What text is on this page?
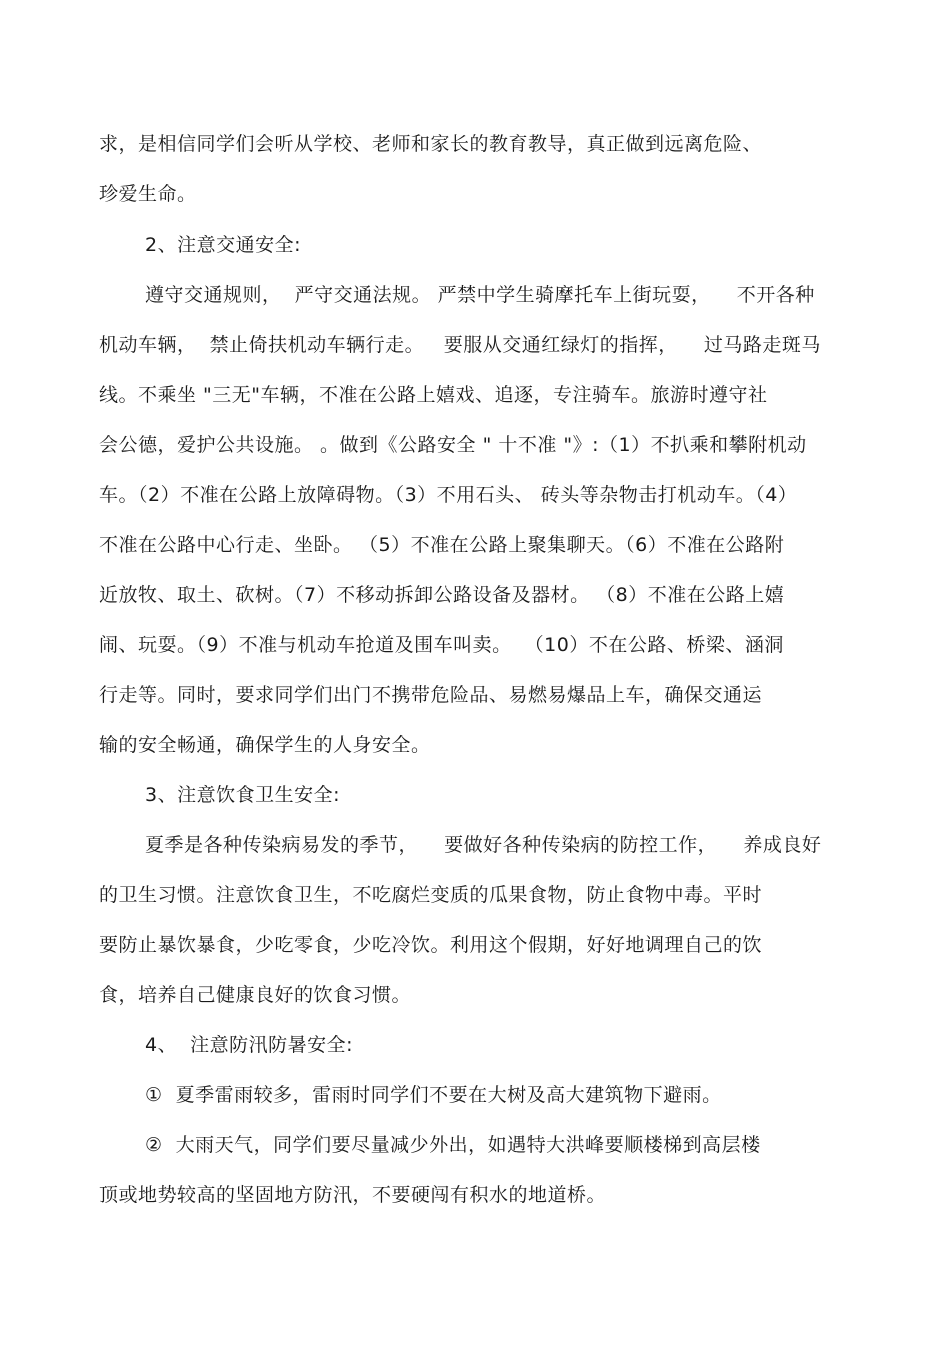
求，是相信同学们会听从学校、老师和家长的教育教导，真正做到远离危险、
珍爱生命。
2、注意交通安全:
遵守交通规则，  严守交通法规。 严禁中学生骑摩托车上街玩耍，    不开各种
机动车辆，  禁止倚扶机动车辆行走。   要服从交通红绿灯的指挥，    过马路走斑马
线。不乘坐 "三无"车辆，不准在公路上嬉戏、追逐，专注骑车。旅游时遵守社
会公德，爱护公共设施。 。做到《公路安全 " 十不准 "》:（1）不扒乘和攀附机动
车。（2）不准在公路上放障碍物。（3）不用石头、 砖头等杂物击打机动车。（4）
不准在公路中心行走、坐卧。 （5）不准在公路上聚集聊天。（6）不准在公路附
近放牧、取土、砍树。（7）不移动拆卸公路设备及器材。 （8）不准在公路上嬉
闹、玩耍。（9）不准与机动车抢道及围车叫卖。  （10）不在公路、桥梁、涵洞
行走等。同时，要求同学们出门不携带危险品、易燃易爆品上车，确保交通运
输的安全畅通，确保学生的人身安全。
3、注意饮食卫生安全:
夏季是各种传染病易发的季节，    要做好各种传染病的防控工作，    养成良好
的卫生习惯。注意饮食卫生，不吃腐烂变质的瓜果食物，防止食物中毒。平时
要防止暴饮暴食，少吃零食，少吃冷饮。利用这个假期，好好地调理自己的饮
食，培养自己健康良好的饮食习惯。
4、  注意防汛防暑安全:
①  夏季雷雨较多，雷雨时同学们不要在大树及高大建筑物下避雨。
②  大雨天气，同学们要尽量减少外出，如遇特大洪峰要顺楼梯到高层楼
顶或地势较高的坚固地方防汛，不要硬闯有积水的地道桥。
